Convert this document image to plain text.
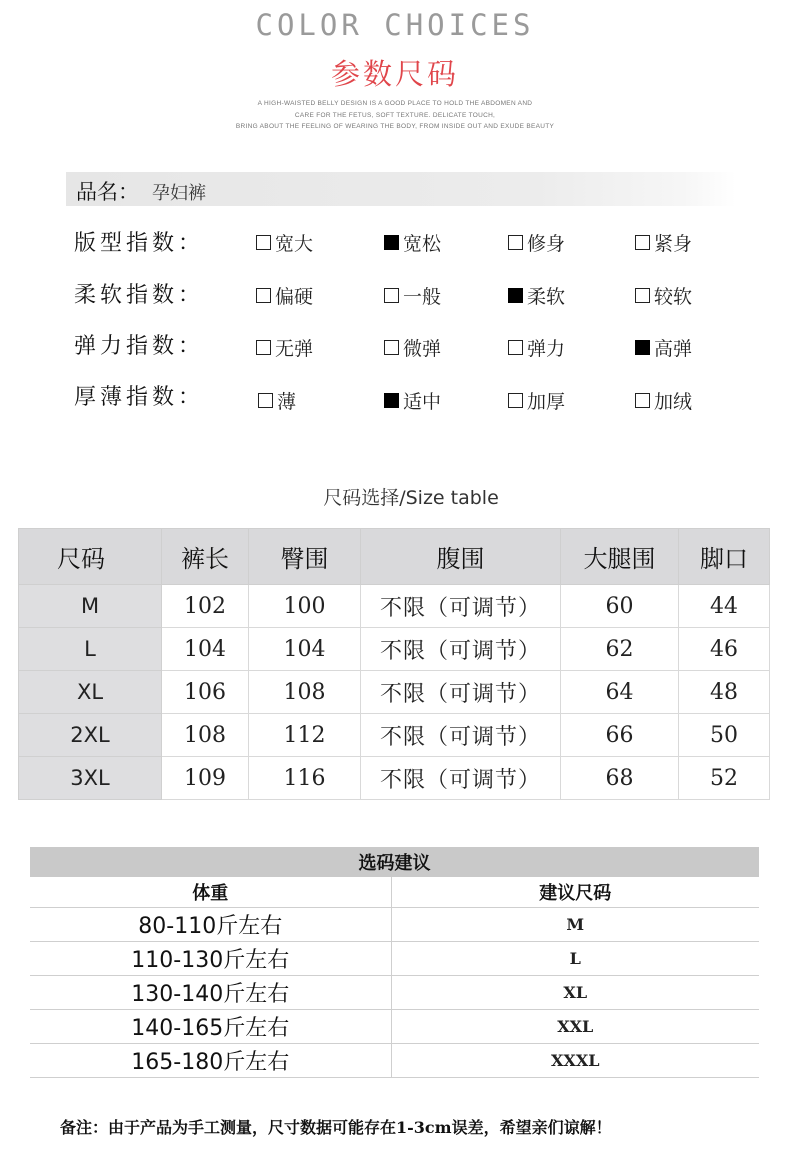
COLOR CHOICES
参数尺码
A HIGH-WAISTED BELLY DESIGN IS A GOOD PLACE TO HOLD THE ABDOMEN AND
CARE FOR THE FETUS, SOFT TEXTURE. DELICATE TOUCH,
BRING ABOUT THE FEELING OF WEARING THE BODY, FROM INSIDE OUT AND EXUDE BEAUTY
品名： 孕妇裤
版型指数：	宽大	宽松	修身	紧身
柔软指数：	偏硬	一般	柔软	较软
弹力指数：	无弹	微弹	弹力	高弹
厚薄指数：	薄	适中	加厚	加绒
尺码选择/Size table
尺码	裤长	臀围	腹围	大腿围	脚口
M	102	100	不限（可调节）	60	44
L	104	104	不限（可调节）	62	46
XL	106	108	不限（可调节）	64	48
2XL	108	112	不限（可调节）	66	50
3XL	109	116	不限（可调节）	68	52
选码建议	
体重	建议尺码
80-110斤左右	M
110-130斤左右	L
130-140斤左右	XL
140-165斤左右	XXL
165-180斤左右	XXXL
备注：由于产品为手工测量，尺寸数据可能存在1-3cm误差，希望亲们谅解！
